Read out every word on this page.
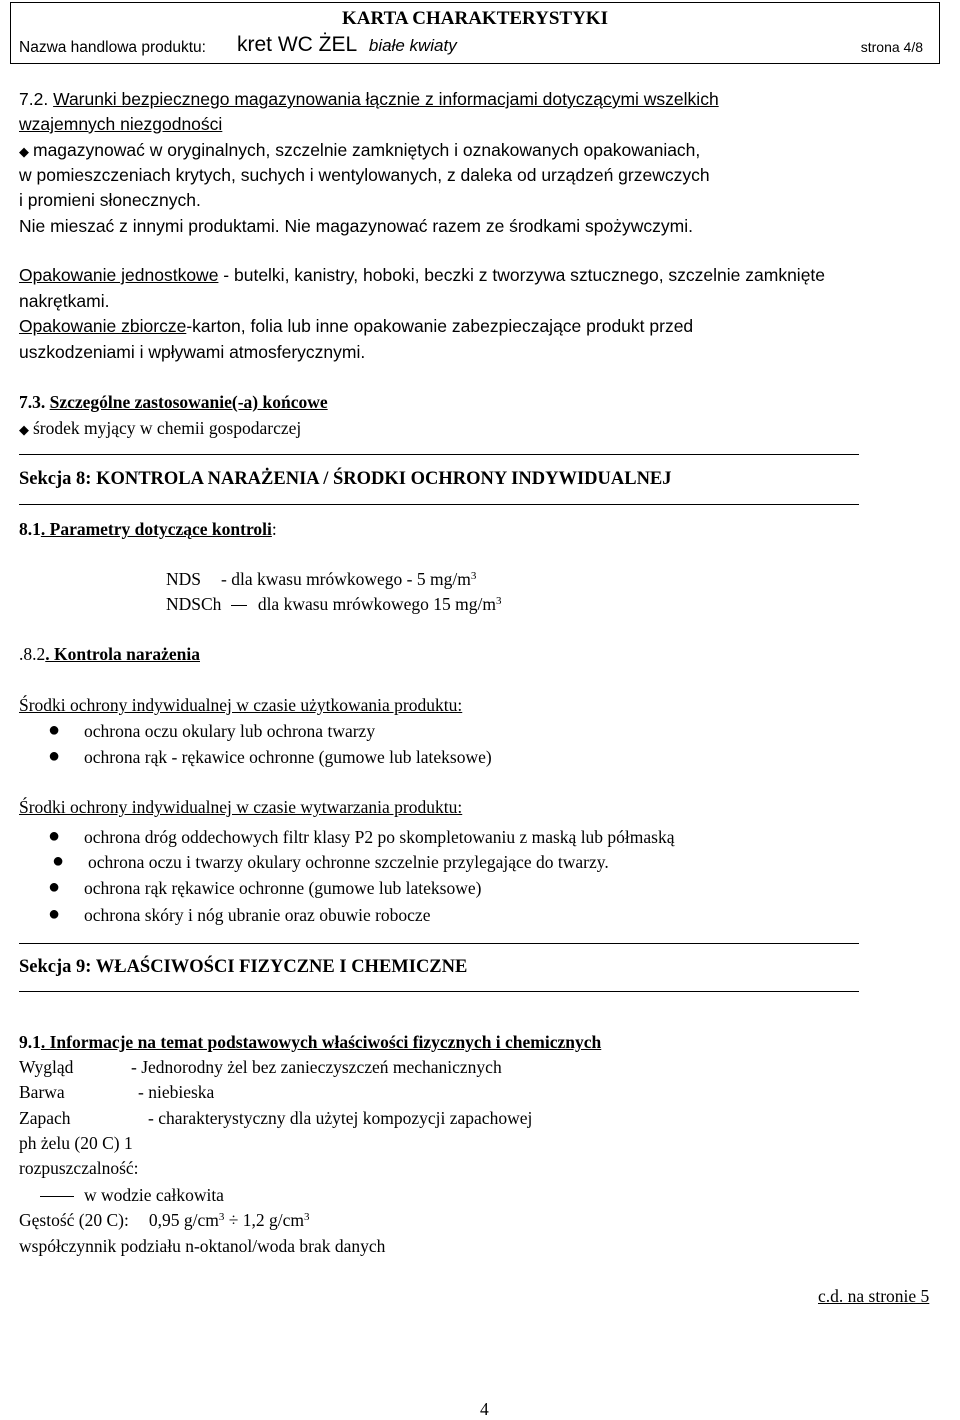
KARTA CHARAKTERYSTYKI
Nazwa handlowa produktu: kret WC ŻEL białe kwiaty	strona 4/8
7.2. Warunki bezpiecznego magazynowania łącznie z informacjami dotyczącymi wszelkich
wzajemnych niezgodności
◆ magazynować w oryginalnych, szczelnie zamkniętych i oznakowanych opakowaniach,
w pomieszczeniach krytych, suchych i wentylowanych, z daleka od urządzeń grzewczych
i promieni słonecznych.
Nie mieszać z innymi produktami. Nie magazynować razem ze środkami spożywczymi.
Opakowanie jednostkowe - butelki, kanistry, hoboki, beczki z tworzywa sztucznego, szczelnie zamknięte
nakrętkami.
Opakowanie zbiorcze-karton, folia lub inne opakowanie zabezpieczające produkt przed
uszkodzeniami i wpływami atmosferycznymi.
7.3. Szczególne zastosowanie(-a) końcowe
◆ środek myjący w chemii gospodarczej
Sekcja 8: KONTROLA NARAŻENIA / ŚRODKI OCHRONY INDYWIDUALNEJ
8.1. Parametry dotyczące kontroli:
NDS - dla kwasu mrówkowego - 5 $mg/m^3$
NDSCh dla kwasu mrówkowego 15 $mg/m^3$
.8.2. Kontrola narażenia
Środki ochrony indywidualnej w czasie użytkowania produktu:
● ochrona oczu okulary lub ochrona twarzy
● ochrona rąk - rękawice ochronne (gumowe lub lateksowe)
Środki ochrony indywidualnej w czasie wytwarzania produktu:
● ochrona dróg oddechowych filtr klasy P2 po skompletowaniu z maską lub półmaską
● ochrona oczu i twarzy okulary ochronne szczelnie przylegające do twarzy.
● ochrona rąk rękawice ochronne (gumowe lub lateksowe)
● ochrona skóry i nóg ubranie oraz obuwie robocze
Sekcja 9: WŁAŚCIWOŚCI FIZYCZNE I CHEMICZNE
9.1. Informacje na temat podstawowych właściwości fizycznych i chemicznych
Wygląd	- Jednorodny żel bez zanieczyszczeń mechanicznych
Barwa	- niebieska
Zapach	- charakterystyczny dla użytej kompozycji zapachowej
ph żelu (20 C) 1
rozpuszczalność:
w wodzie całkowita
Gęstość (20 C): 0,95 $g/cm^3 \div 1,2$ $g/cm^3$
współczynnik podziału n-oktanol/woda brak danych
c.d. na stronie 5
4
